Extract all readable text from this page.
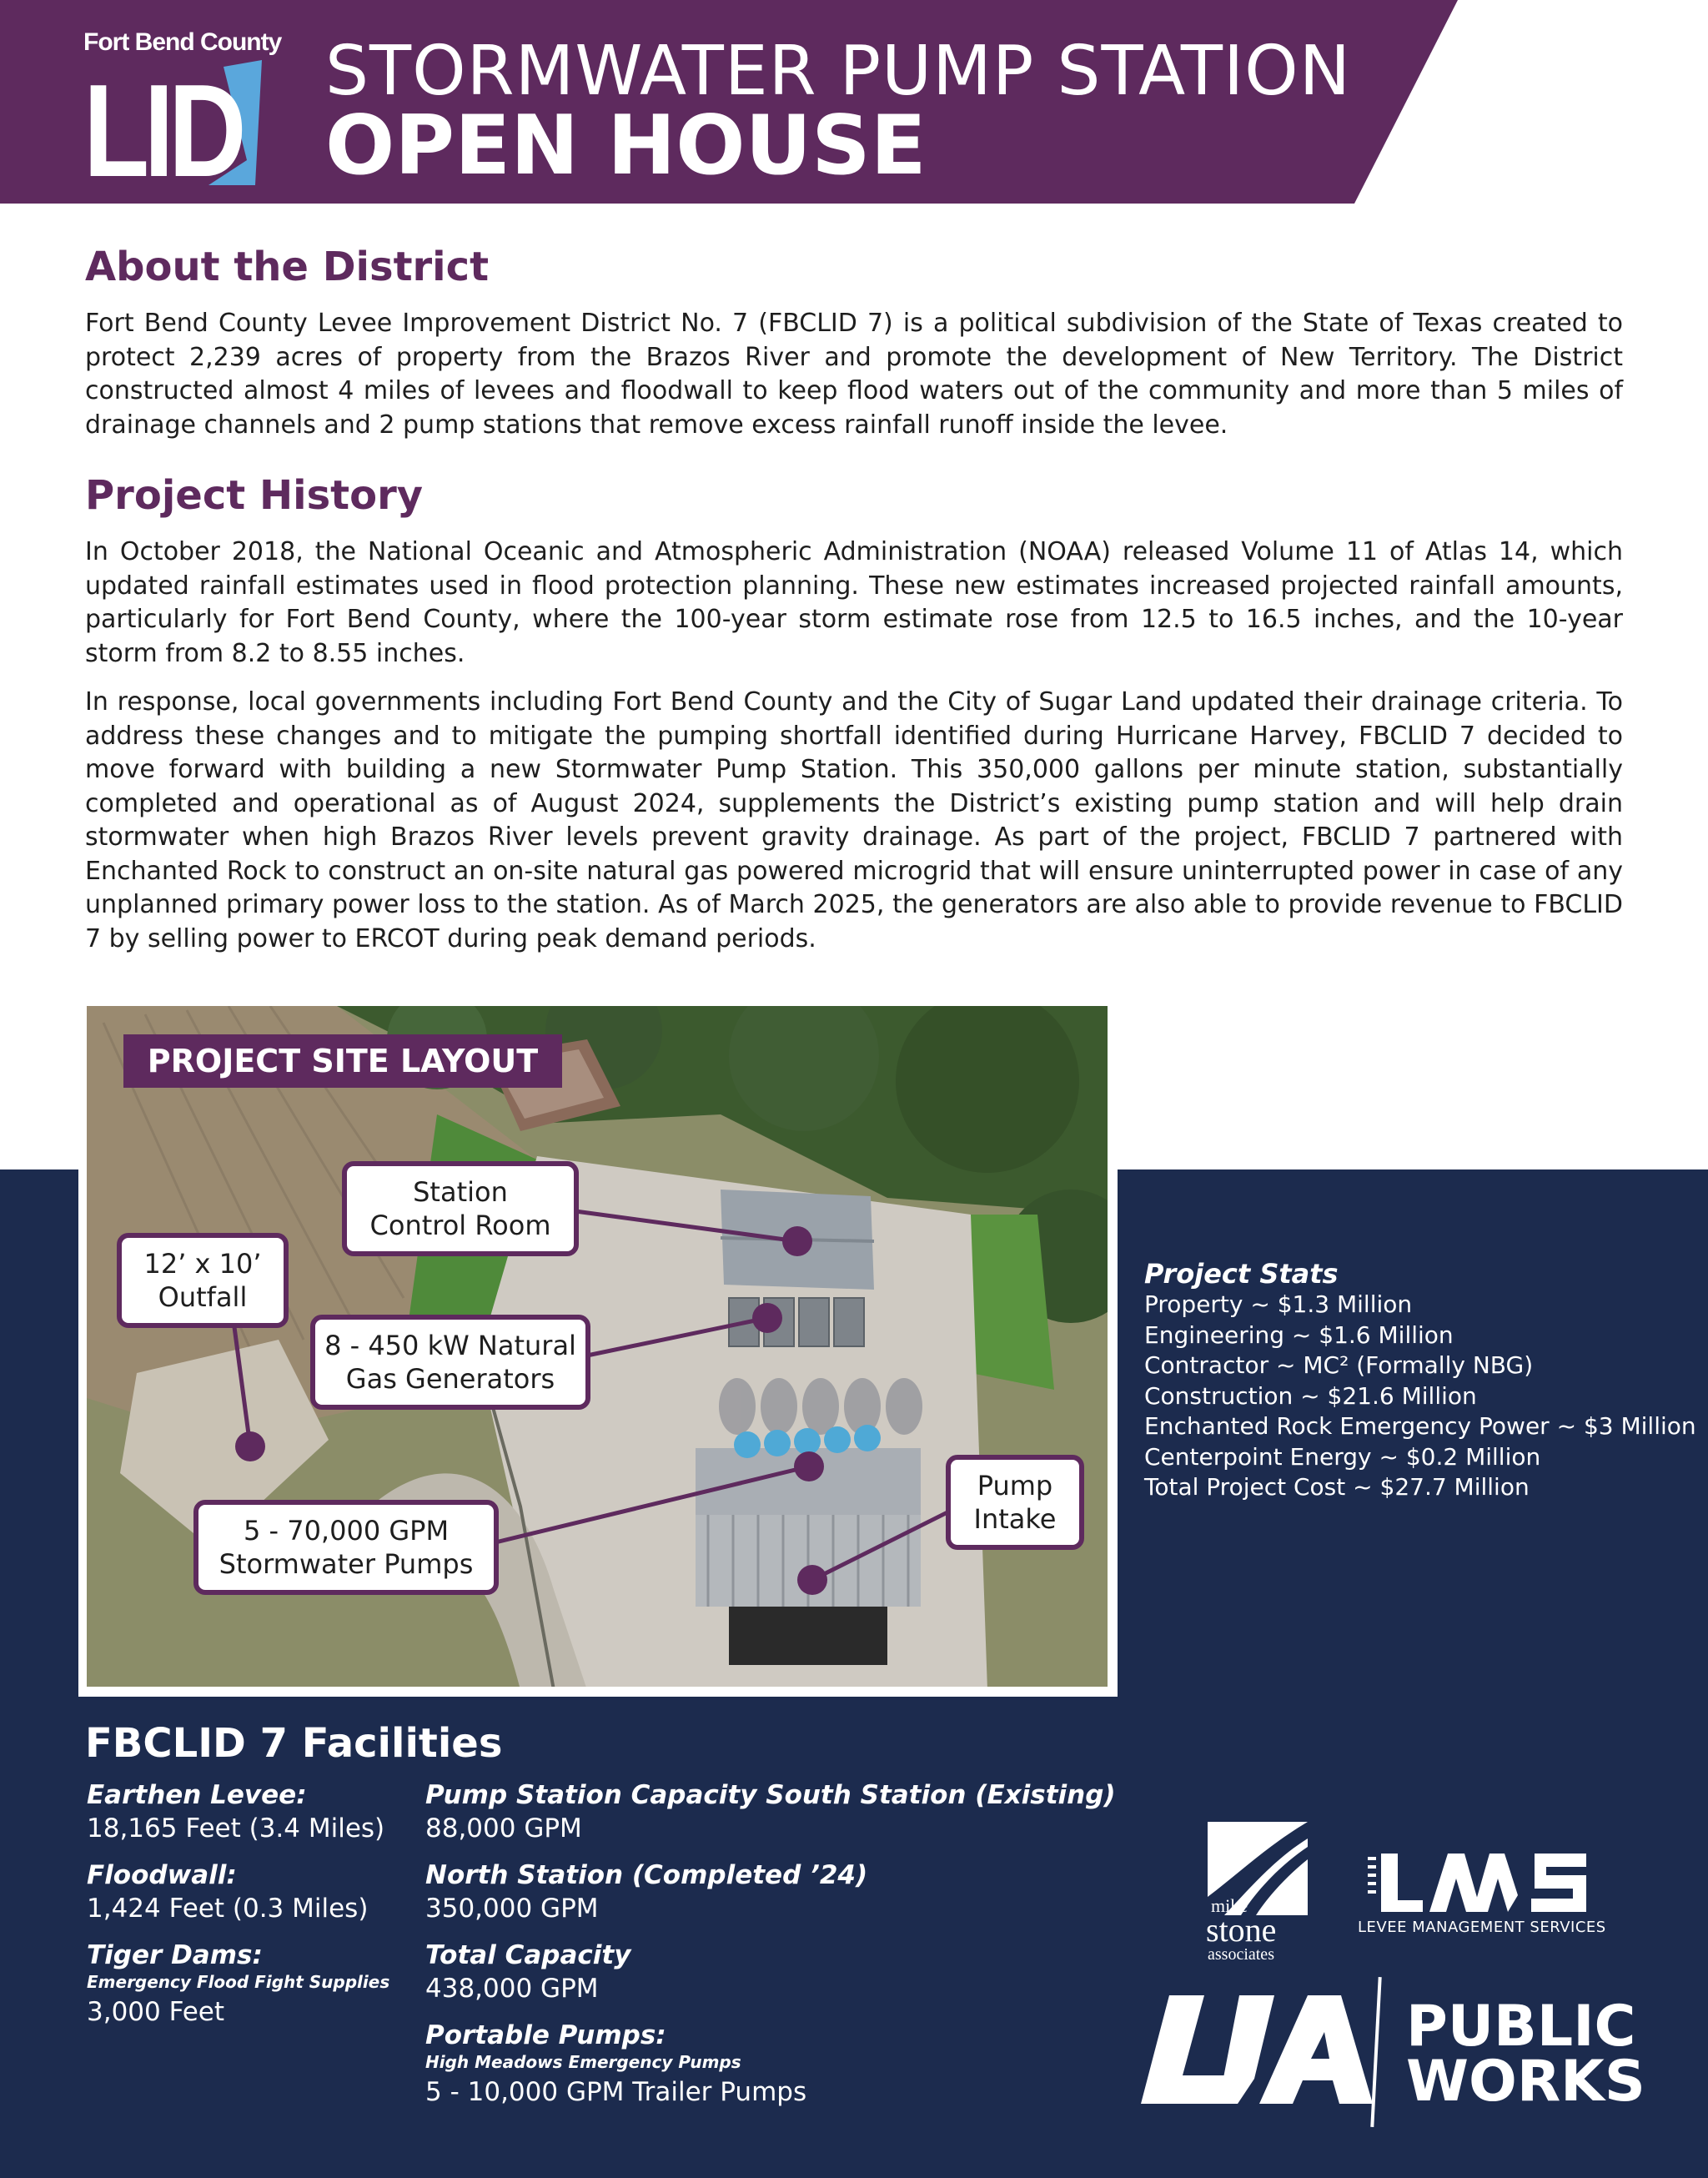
Fort Bend County
LID STORMWATER PUMP STATION
OPEN HOUSE
About the District

Fort Bend County Levee Improvement District No. 7 (FBCLID 7) is a political subdivision of the State of Texas created to protect 2,239 acres of property from the Brazos River and promote the development of New Territory. The District constructed almost 4 miles of levees and floodwall to keep flood waters out of the community and more than 5 miles of drainage channels and 2 pump stations that remove excess rainfall runoff inside the levee.

Project History

In October 2018, the National Oceanic and Atmospheric Administration (NOAA) released Volume 11 of Atlas 14, which updated rainfall estimates used in flood protection planning. These new estimates increased projected rainfall amounts, particularly for Fort Bend County, where the 100-year storm estimate rose from 12.5 to 16.5 inches, and the 10-year storm from 8.2 to 8.55 inches.

In response, local governments including Fort Bend County and the City of Sugar Land updated their drainage criteria. To address these changes and to mitigate the pumping shortfall identified during Hurricane Harvey, FBCLID 7 decided to move forward with building a new Stormwater Pump Station. This 350,000 gallons per minute station, substantially completed and operational as of August 2024, supplements the District’s existing pump station and will help drain stormwater when high Brazos River levels prevent gravity drainage. As part of the project, FBCLID 7 partnered with Enchanted Rock to construct an on-site natural gas powered microgrid that will ensure uninterrupted power in case of any unplanned primary power loss to the station. As of March 2025, the generators are also able to provide revenue to FBCLID 7 by selling power to ERCOT during peak demand periods.

PROJECT SITE LAYOUT
Station
Control Room
12’ x 10’
Outfall
8 - 450 kW Natural
Gas Generators
5 - 70,000 GPM
Stormwater Pumps
Pump
Intake
Project Stats
Property ~ $1.3 Million
Engineering ~ $1.6 Million
Contractor ~ MC² (Formally NBG)
Construction ~ $21.6 Million
Enchanted Rock Emergency Power ~ $3 Million
Centerpoint Energy ~ $0.2 Million
Total Project Cost ~ $27.7 Million
FBCLID 7 Facilities
Earthen Levee:
18,165 Feet (3.4 Miles)
Floodwall:
1,424 Feet (0.3 Miles)
Tiger Dams:
Emergency Flood Fight Supplies
3,000 Feet
Pump Station Capacity South Station (Existing)
88,000 GPM
North Station (Completed ’24)
350,000 GPM
Total Capacity
438,000 GPM
Portable Pumps:
High Meadows Emergency Pumps
5 - 10,000 GPM Trailer Pumps
mike
stone
associates
LEVEE MANAGEMENT SERVICES
PUBLIC
WORKS
